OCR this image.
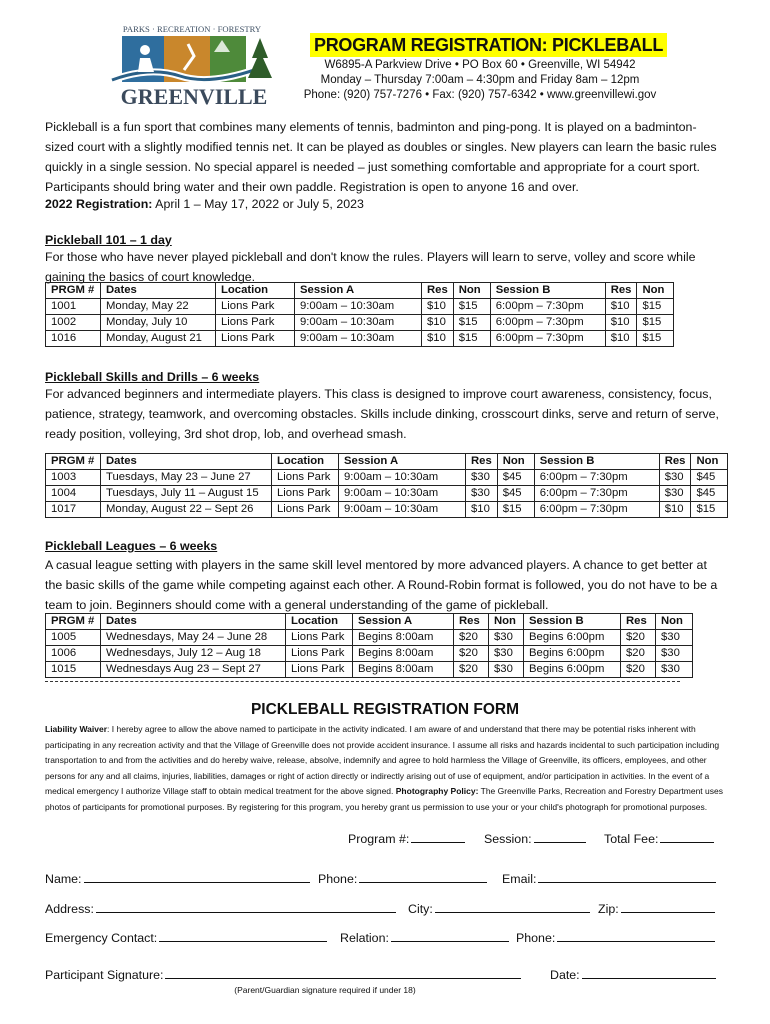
PARKS · RECREATION · FORESTRY
GREENVILLE
PROGRAM REGISTRATION: PICKLEBALL
W6895-A Parkview Drive • PO Box 60 • Greenville, WI 54942
Monday – Thursday 7:00am – 4:30pm and Friday 8am – 12pm
Phone: (920) 757-7276 • Fax: (920) 757-6342 • www.greenvillewi.gov
Pickleball is a fun sport that combines many elements of tennis, badminton and ping-pong. It is played on a badminton-sized court with a slightly modified tennis net. It can be played as doubles or singles. New players can learn the basic rules quickly in a single session. No special apparel is needed – just something comfortable and appropriate for a court sport. Participants should bring water and their own paddle. Registration is open to anyone 16 and over.
2022 Registration: April 1 – May 17, 2022 or July 5, 2023
Pickleball 101 – 1 day
For those who have never played pickleball and don't know the rules. Players will learn to serve, volley and score while gaining the basics of court knowledge.
PRGM #	Dates	Location	Session A	Res	Non	Session B	Res	Non
1001	Monday, May 22	Lions Park	9:00am – 10:30am	$10	$15	6:00pm – 7:30pm	$10	$15
1002	Monday, July 10	Lions Park	9:00am – 10:30am	$10	$15	6:00pm – 7:30pm	$10	$15
1016	Monday, August 21	Lions Park	9:00am – 10:30am	$10	$15	6:00pm – 7:30pm	$10	$15
Pickleball Skills and Drills – 6 weeks
For advanced beginners and intermediate players. This class is designed to improve court awareness, consistency, focus, patience, strategy, teamwork, and overcoming obstacles. Skills include dinking, crosscourt dinks, serve and return of serve, ready position, volleying, 3rd shot drop, lob, and overhead smash.
PRGM #	Dates	Location	Session A	Res	Non	Session B	Res	Non
1003	Tuesdays, May 23 – June 27	Lions Park	9:00am – 10:30am	$30	$45	6:00pm – 7:30pm	$30	$45
1004	Tuesdays, July 11 – August 15	Lions Park	9:00am – 10:30am	$30	$45	6:00pm – 7:30pm	$30	$45
1017	Monday, August 22 – Sept 26	Lions Park	9:00am – 10:30am	$10	$15	6:00pm – 7:30pm	$10	$15
Pickleball Leagues – 6 weeks
A casual league setting with players in the same skill level mentored by more advanced players. A chance to get better at the basic skills of the game while competing against each other. A Round-Robin format is followed, you do not have to be a team to join. Beginners should come with a general understanding of the game of pickleball.
PRGM #	Dates	Location	Session A	Res	Non	Session B	Res	Non
1005	Wednesdays, May 24 – June 28	Lions Park	Begins 8:00am	$20	$30	Begins 6:00pm	$20	$30
1006	Wednesdays, July 12 – Aug 18	Lions Park	Begins 8:00am	$20	$30	Begins 6:00pm	$20	$30
1015	Wednesdays Aug 23 – Sept 27	Lions Park	Begins 8:00am	$20	$30	Begins 6:00pm	$20	$30
PICKLEBALL REGISTRATION FORM
Liability Waiver: I hereby agree to allow the above named to participate in the activity indicated. I am aware of and understand that there may be potential risks inherent with participating in any recreation activity and that the Village of Greenville does not provide accident insurance. I assume all risks and hazards incidental to such participation including transportation to and from the activities and do hereby waive, release, absolve, indemnify and agree to hold harmless the Village of Greenville, its officers, employees, and other persons for any and all claims, injuries, liabilities, damages or right of action directly or indirectly arising out of use of equipment, and/or participation in activities. In the event of a medical emergency I authorize Village staff to obtain medical treatment for the above signed. Photography Policy: The Greenville Parks, Recreation and Forestry Department uses photos of participants for promotional purposes. By registering for this program, you hereby grant us permission to use your or your child's photograph for promotional purposes.
Program #:	Session:	Total Fee:
Name:	Phone:	Email:
Address:	City:	Zip:
Emergency Contact:	Relation:	Phone:
Participant Signature:	Date:
(Parent/Guardian signature required if under 18)
